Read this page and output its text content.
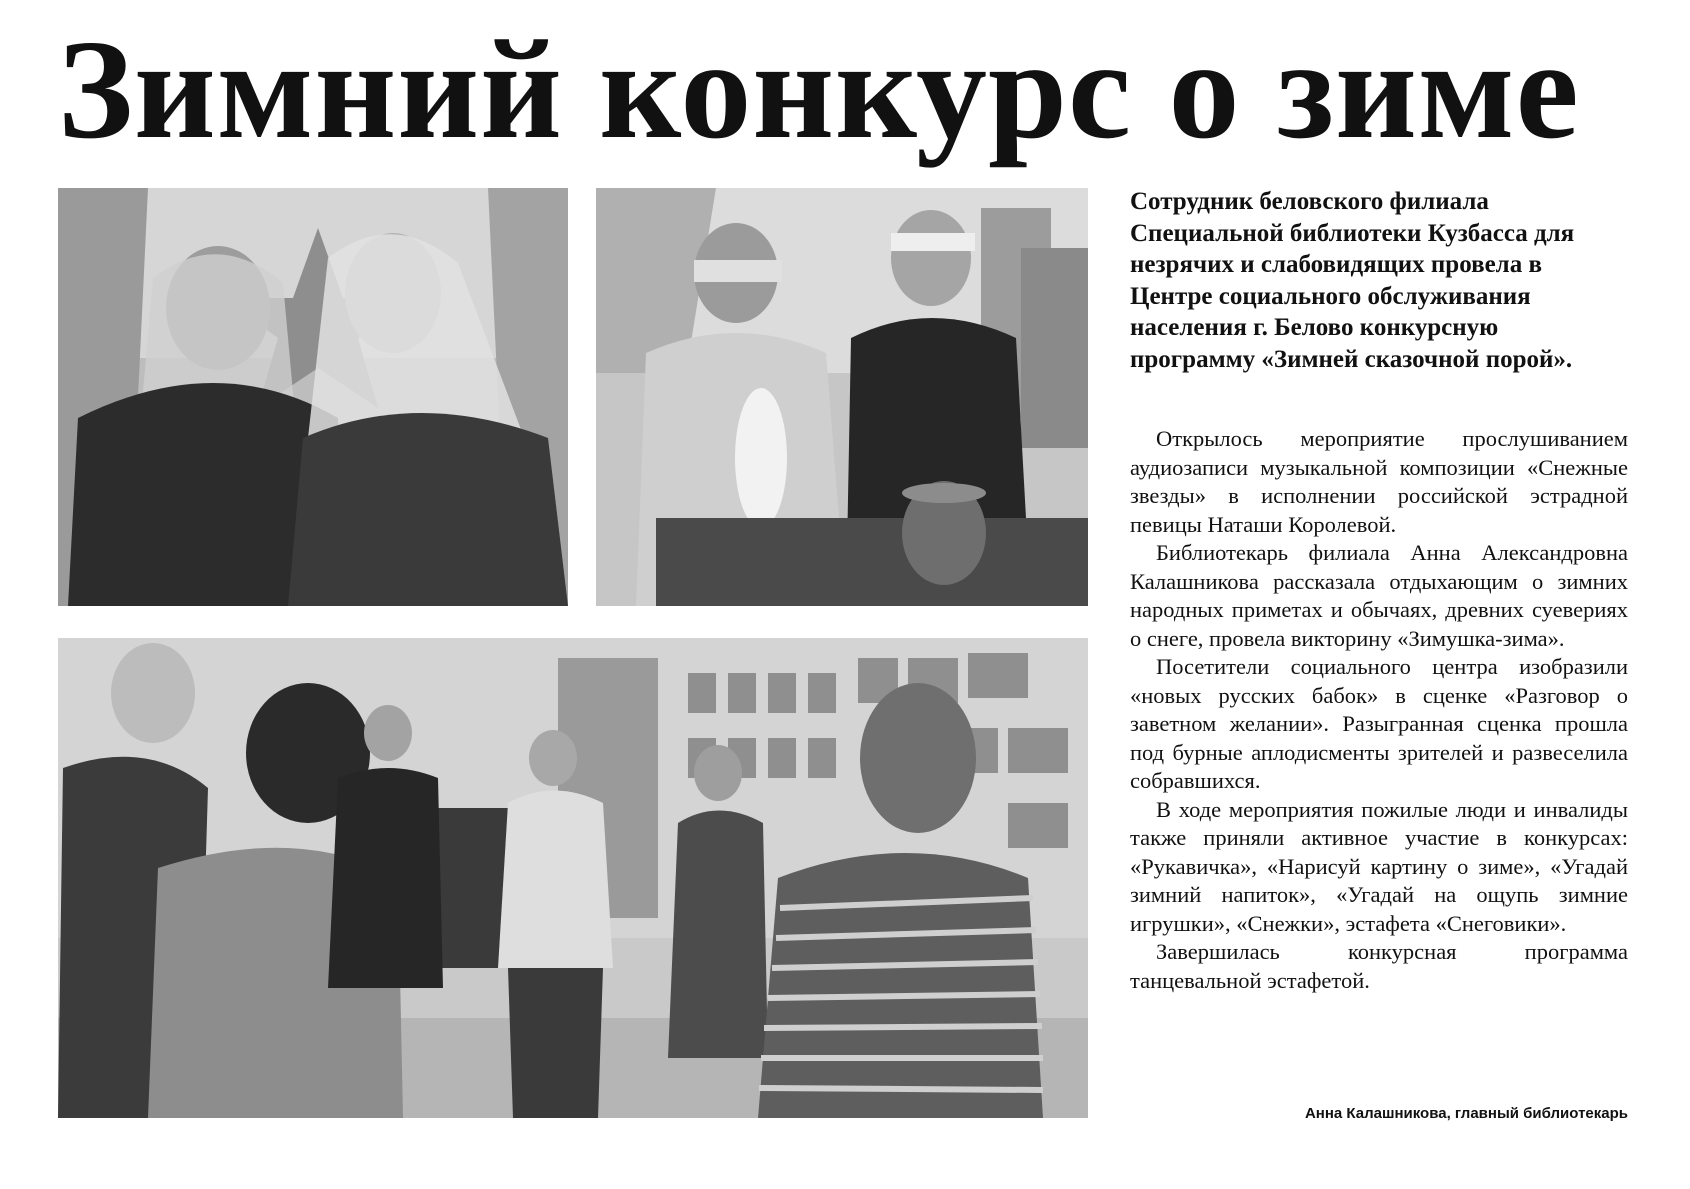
Зимний конкурс о зиме

Сотрудник беловского филиала Специальной библиотеки Кузбасса для незрячих и слабовидящих провела в Центре социального обслуживания населения г. Белово конкурсную программу «Зимней сказочной порой».

Открылось мероприятие прослушиванием аудиозаписи музыкальной композиции «Снежные звезды» в исполнении российской эстрадной певицы Наташи Королевой.

Библиотекарь филиала Анна Александровна Калашникова рассказала отдыхающим о зимних народных приметах и обычаях, древних суевериях о снеге, провела викторину «Зимушка-зима».

Посетители социального центра изобразили «новых русских бабок» в сценке «Разговор о заветном желании». Разыгранная сценка прошла под бурные аплодисменты зрителей и развеселила собравшихся.

В ходе мероприятия пожилые люди и инвалиды также приняли активное участие в конкурсах: «Рукавичка», «Нарисуй картину о зиме», «Угадай зимний напиток», «Угадай на ощупь зимние игрушки», «Снежки», эстафета «Снеговики».

Завершилась конкурсная программа танцевальной эстафетой.

Анна Калашникова, главный библиотекарь
